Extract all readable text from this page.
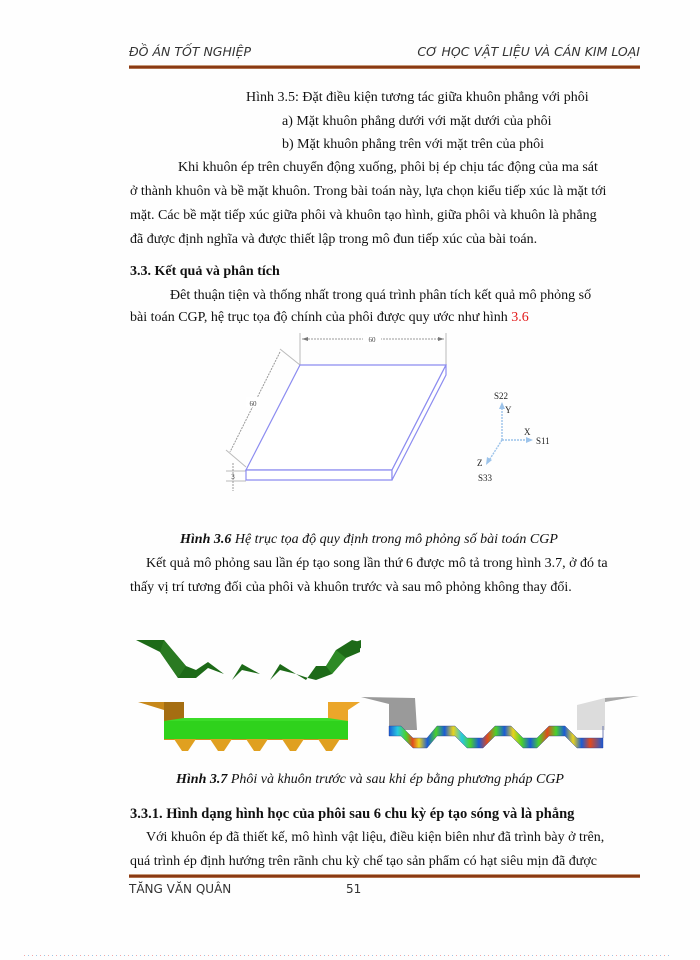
ĐỒ ÁN TỐT NGHIỆP	CƠ HỌC VẬT LIỆU VÀ CÁN KIM LOẠI
Hình 3.5: Đặt điều kiện tương tác giữa khuôn phẳng với phôi
a) Mặt khuôn phẳng dưới với mặt dưới của phôi
b) Mặt khuôn phẳng trên với mặt trên của phôi
Khi khuôn ép trên chuyển động xuống, phôi bị ép chịu tác động của ma sát
ở thành khuôn và bề mặt khuôn. Trong bài toán này, lựa chọn kiểu tiếp xúc là mặt tới
mặt. Các bề mặt tiếp xúc giữa phôi và khuôn tạo hình, giữa phôi và khuôn là phẳng
đã được định nghĩa và được thiết lập trong mô đun tiếp xúc của bài toán.
3.3. Kết quả và phân tích
Đêt thuận tiện và thống nhất trong quá trình phân tích kết quả mô phỏng số
bài toán CGP, hệ trục tọa độ chính của phôi được quy ước như hình 3.6
60
60
3
S22
Y
X
S11
Z
S33
Hình 3.6 Hệ trục tọa độ quy định trong mô phỏng số bài toán CGP
Kết quả mô phỏng sau lần ép tạo song lần thứ 6 được mô tả trong hình 3.7, ở đó ta
thấy vị trí tương đối của phôi và khuôn trước và sau mô phỏng không thay đổi.
Hình 3.7 Phôi và khuôn trước và sau khi ép bằng phương pháp CGP
3.3.1. Hình dạng hình học của phôi sau 6 chu kỳ ép tạo sóng và là phẳng
Với khuôn ép đã thiết kế, mô hình vật liệu, điều kiện biên như đã trình bày ở trên,
quá trình ép định hướng trên rãnh chu kỳ chế tạo sản phẩm có hạt siêu mịn đã được
TĂNG VĂN QUÂN	51
